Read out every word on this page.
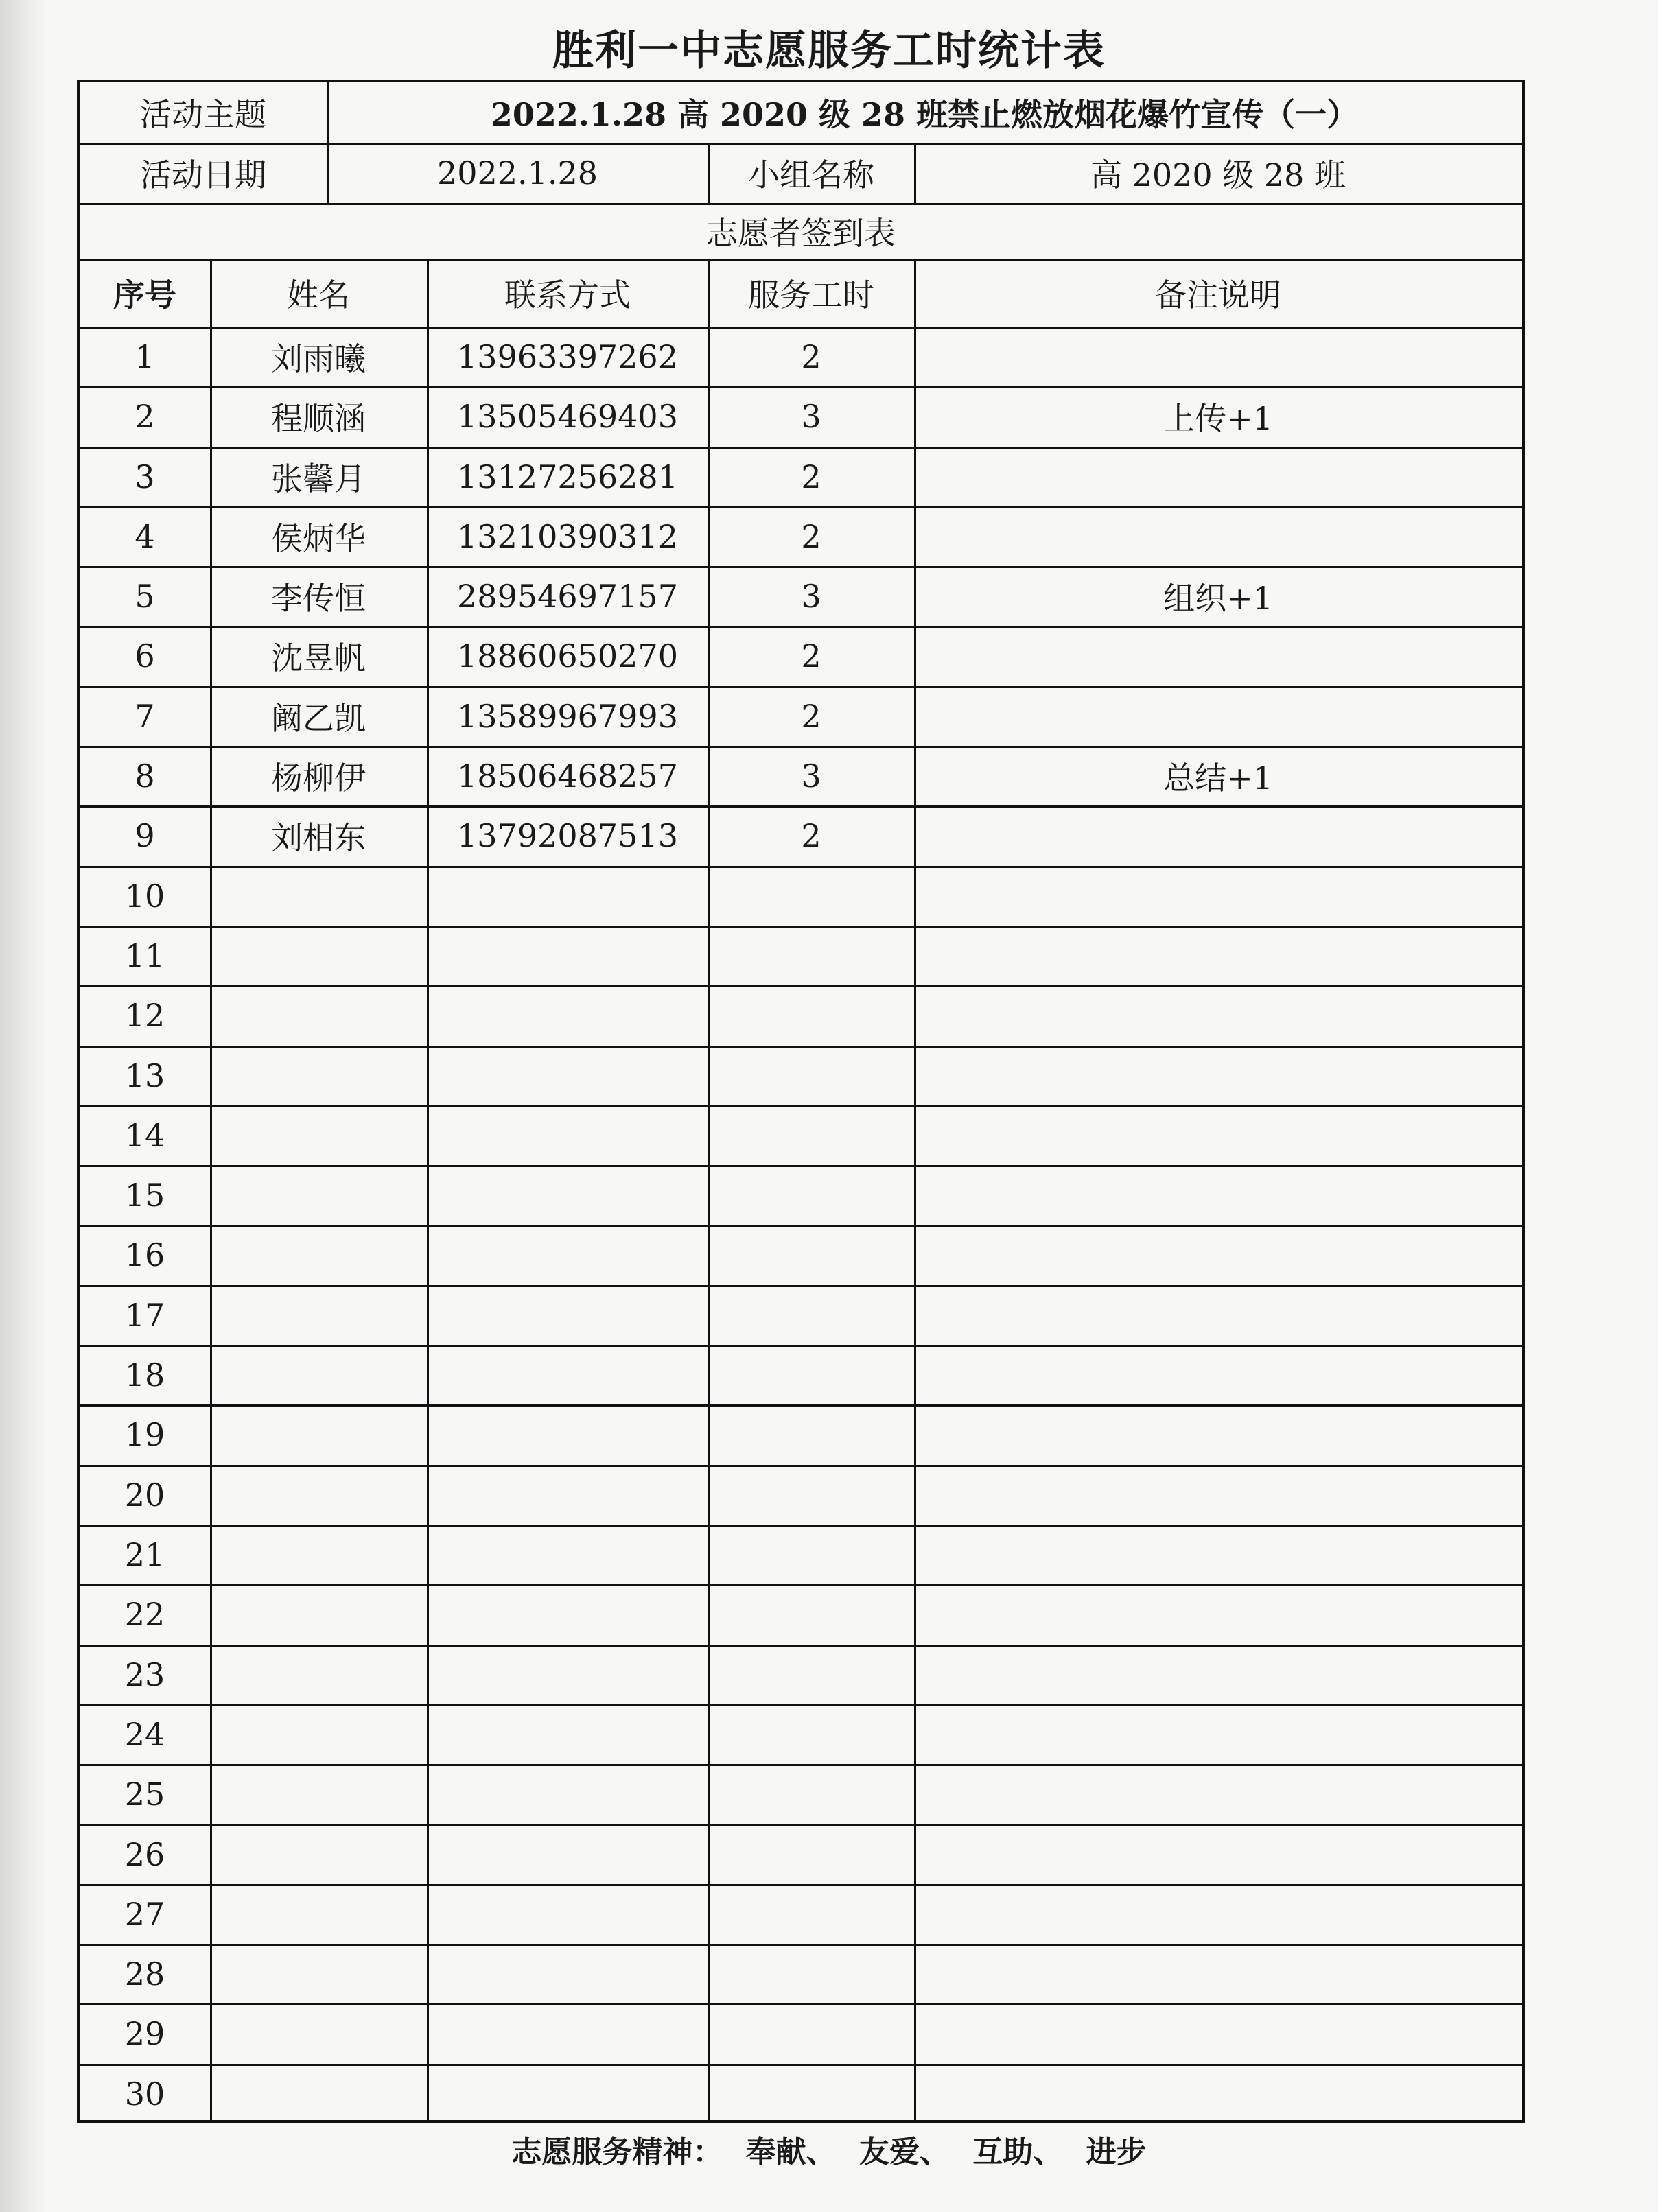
胜利一中志愿服务工时统计表
活动主题	2022.1.28 高 2020 级 28 班禁止燃放烟花爆竹宣传（一）
活动日期	2022.1.28	小组名称	高 2020 级 28 班
志愿者签到表
序号	姓名	联系方式	服务工时	备注说明
1	刘雨曦	13963397262	2
2	程顺涵	13505469403	3	上传+1
3	张馨月	13127256281	2
4	侯炳华	13210390312	2
5	李传恒	28954697157	3	组织+1
6	沈昱帆	18860650270	2
7	阚乙凯	13589967993	2
8	杨柳伊	18506468257	3	总结+1
9	刘相东	13792087513	2
10
11
12
13
14
15
16
17
18
19
20
21
22
23
24
25
26
27
28
29
30
志愿服务精神： 奉献、 友爱、 互助、 进步
